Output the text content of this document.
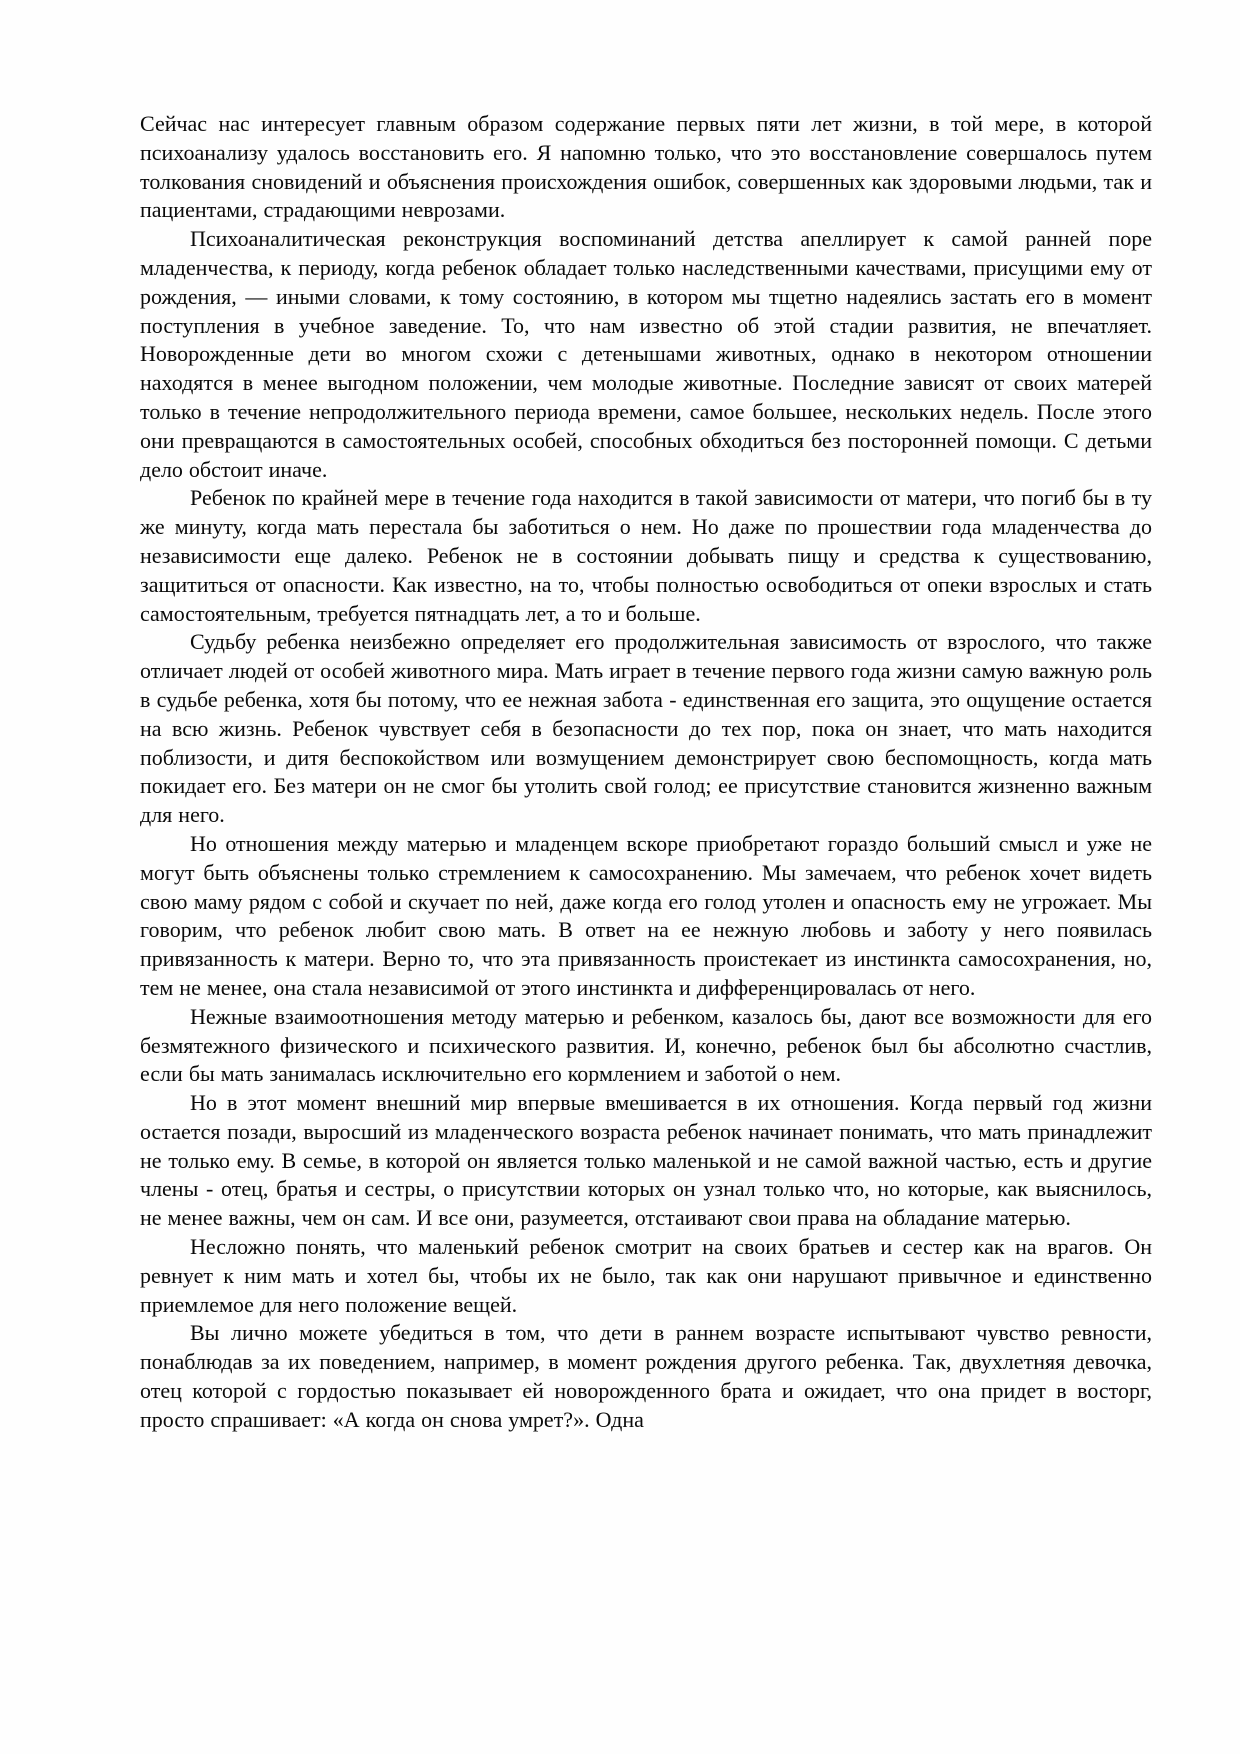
Сейчас нас интересует главным образом содержание первых пяти лет жизни, в той мере, в которой психоанализу удалось восстановить его. Я напомню только, что это восстановление совершалось путем толкования сновидений и объяснения происхождения ошибок, совершенных как здоровыми людьми, так и пациентами, страдающими неврозами.

Психоаналитическая реконструкция воспоминаний детства апеллирует к самой ранней поре младенчества, к периоду, когда ребенок обладает только наследственными качествами, присущими ему от рождения, — иными словами, к тому состоянию, в котором мы тщетно надеялись застать его в момент поступления в учебное заведение. То, что нам известно об этой стадии развития, не впечатляет. Новорожденные дети во многом схожи с детенышами животных, однако в некотором отношении находятся в менее выгодном положении, чем молодые животные. Последние зависят от своих матерей только в течение непродолжительного периода времени, самое большее, нескольких недель. После этого они превращаются в самостоятельных особей, способных обходиться без посторонней помощи. С детьми дело обстоит иначе.

Ребенок по крайней мере в течение года находится в такой зависимости от матери, что погиб бы в ту же минуту, когда мать перестала бы заботиться о нем. Но даже по прошествии года младенчества до независимости еще далеко. Ребенок не в состоянии добывать пищу и средства к существованию, защититься от опасности. Как известно, на то, чтобы полностью освободиться от опеки взрослых и стать самостоятельным, требуется пятнадцать лет, а то и больше.

Судьбу ребенка неизбежно определяет его продолжительная зависимость от взрослого, что также отличает людей от особей животного мира. Мать играет в течение первого года жизни самую важную роль в судьбе ребенка, хотя бы потому, что ее нежная забота - единственная его защита, это ощущение остается на всю жизнь. Ребенок чувствует себя в безопасности до тех пор, пока он знает, что мать находится поблизости, и дитя беспокойством или возмущением демонстрирует свою беспомощность, когда мать покидает его. Без матери он не смог бы утолить свой голод; ее присутствие становится жизненно важным для него.

Но отношения между матерью и младенцем вскоре приобретают гораздо больший смысл и уже не могут быть объяснены только стремлением к самосохранению. Мы замечаем, что ребенок хочет видеть свою маму рядом с собой и скучает по ней, даже когда его голод утолен и опасность ему не угрожает. Мы говорим, что ребенок любит свою мать. В ответ на ее нежную любовь и заботу у него появилась привязанность к матери. Верно то, что эта привязанность проистекает из инстинкта самосохранения, но, тем не менее, она стала независимой от этого инстинкта и дифференцировалась от него.

Нежные взаимоотношения методу матерью и ребенком, казалось бы, дают все возможности для его безмятежного физического и психического развития. И, конечно, ребенок был бы абсолютно счастлив, если бы мать занималась исключительно его кормлением и заботой о нем.

Но в этот момент внешний мир впервые вмешивается в их отношения. Когда первый год жизни остается позади, выросший из младенческого возраста ребенок начинает понимать, что мать принадлежит не только ему. В семье, в которой он является только маленькой и не самой важной частью, есть и другие члены - отец, братья и сестры, о присутствии которых он узнал только что, но которые, как выяснилось, не менее важны, чем он сам. И все они, разумеется, отстаивают свои права на обладание матерью.

Несложно понять, что маленький ребенок смотрит на своих братьев и сестер как на врагов. Он ревнует к ним мать и хотел бы, чтобы их не было, так как они нарушают привычное и единственно приемлемое для него положение вещей.

Вы лично можете убедиться в том, что дети в раннем возрасте испытывают чувство ревности, понаблюдав за их поведением, например, в момент рождения другого ребенка. Так, двухлетняя девочка, отец которой с гордостью показывает ей новорожденного брата и ожидает, что она придет в восторг, просто спрашивает: «А когда он снова умрет?». Одна
